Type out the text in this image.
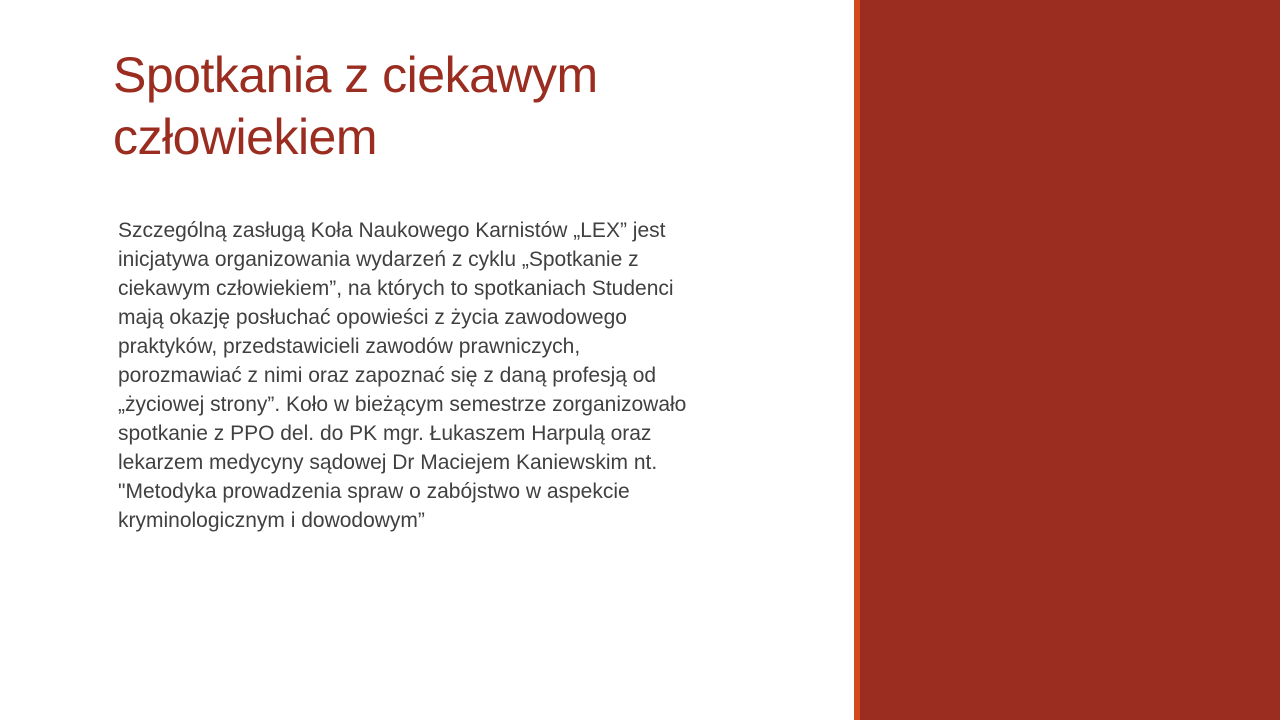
Spotkania z ciekawym
człowiekiem
Szczególną zasługą Koła Naukowego Karnistów „LEX” jest
inicjatywa organizowania wydarzeń z cyklu „Spotkanie z
ciekawym człowiekiem”, na których to spotkaniach Studenci
mają okazję posłuchać opowieści z życia zawodowego
praktyków, przedstawicieli zawodów prawniczych,
porozmawiać z nimi oraz zapoznać się z daną profesją od
„życiowej strony”. Koło w bieżącym semestrze zorganizowało
spotkanie z PPO del. do PK mgr. Łukaszem Harpulą oraz
lekarzem medycyny sądowej Dr Maciejem Kaniewskim nt.
"Metodyka prowadzenia spraw o zabójstwo w aspekcie
kryminologicznym i dowodowym”
